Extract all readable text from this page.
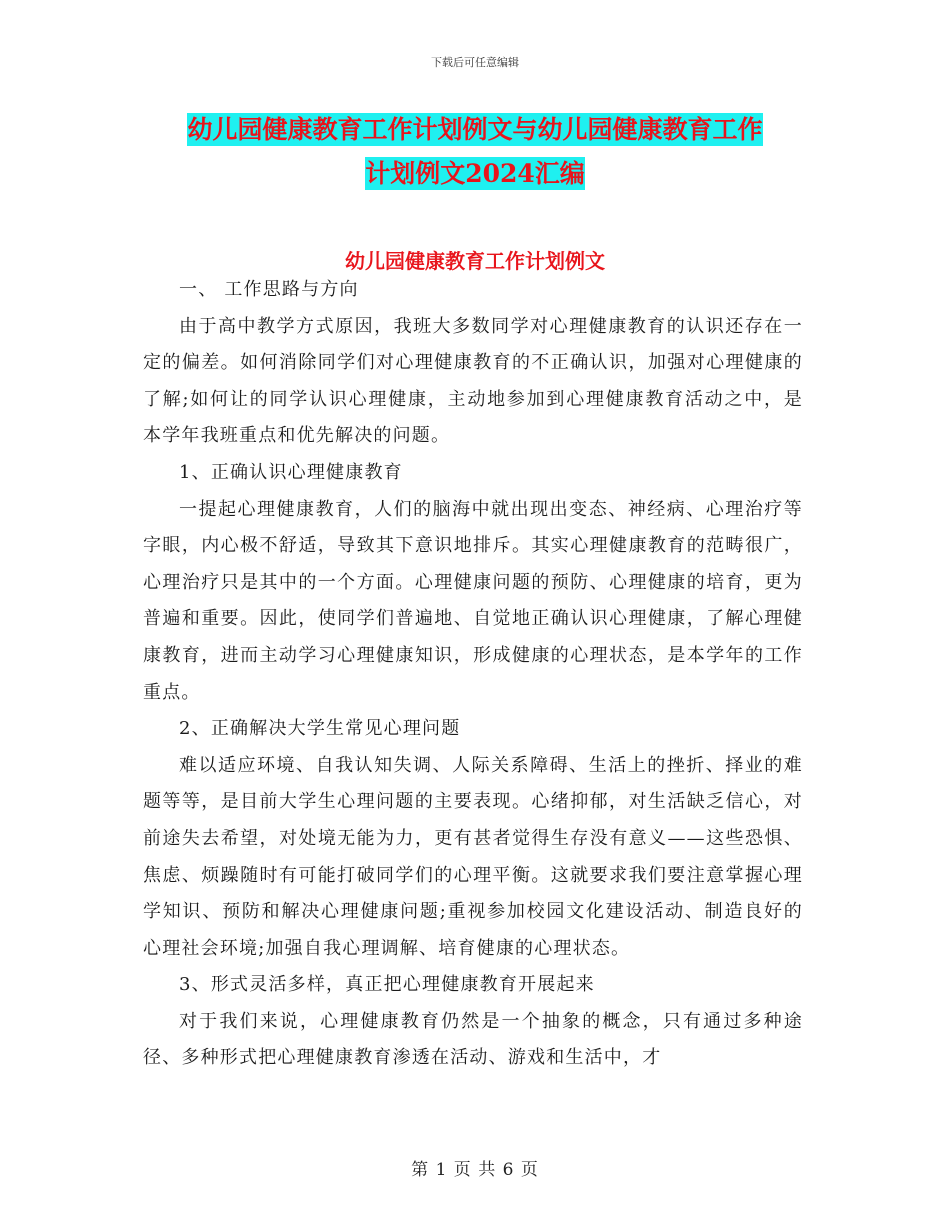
下载后可任意编辑
幼儿园健康教育工作计划例文与幼儿园健康教育工作
计划例文2024汇编
幼儿园健康教育工作计划例文

一、 工作思路与方向

由于高中教学方式原因，我班大多数同学对心理健康教育的认识还存在一定的偏差。如何消除同学们对心理健康教育的不正确认识，加强对心理健康的了解;如何让的同学认识心理健康，主动地参加到心理健康教育活动之中，是本学年我班重点和优先解决的问题。

1、正确认识心理健康教育

一提起心理健康教育，人们的脑海中就出现出变态、神经病、心理治疗等字眼，内心极不舒适，导致其下意识地排斥。其实心理健康教育的范畴很广，心理治疗只是其中的一个方面。心理健康问题的预防、心理健康的培育，更为普遍和重要。因此，使同学们普遍地、自觉地正确认识心理健康，了解心理健康教育，进而主动学习心理健康知识，形成健康的心理状态，是本学年的工作重点。

2、正确解决大学生常见心理问题

难以适应环境、自我认知失调、人际关系障碍、生活上的挫折、择业的难题等等，是目前大学生心理问题的主要表现。心绪抑郁，对生活缺乏信心，对前途失去希望，对处境无能为力，更有甚者觉得生存没有意义——这些恐惧、焦虑、烦躁随时有可能打破同学们的心理平衡。这就要求我们要注意掌握心理学知识、预防和解决心理健康问题;重视参加校园文化建设活动、制造良好的心理社会环境;加强自我心理调解、培育健康的心理状态。

3、形式灵活多样，真正把心理健康教育开展起来

对于我们来说，心理健康教育仍然是一个抽象的概念，只有通过多种途径、多种形式把心理健康教育渗透在活动、游戏和生活中，才

第 1 页 共 6 页
